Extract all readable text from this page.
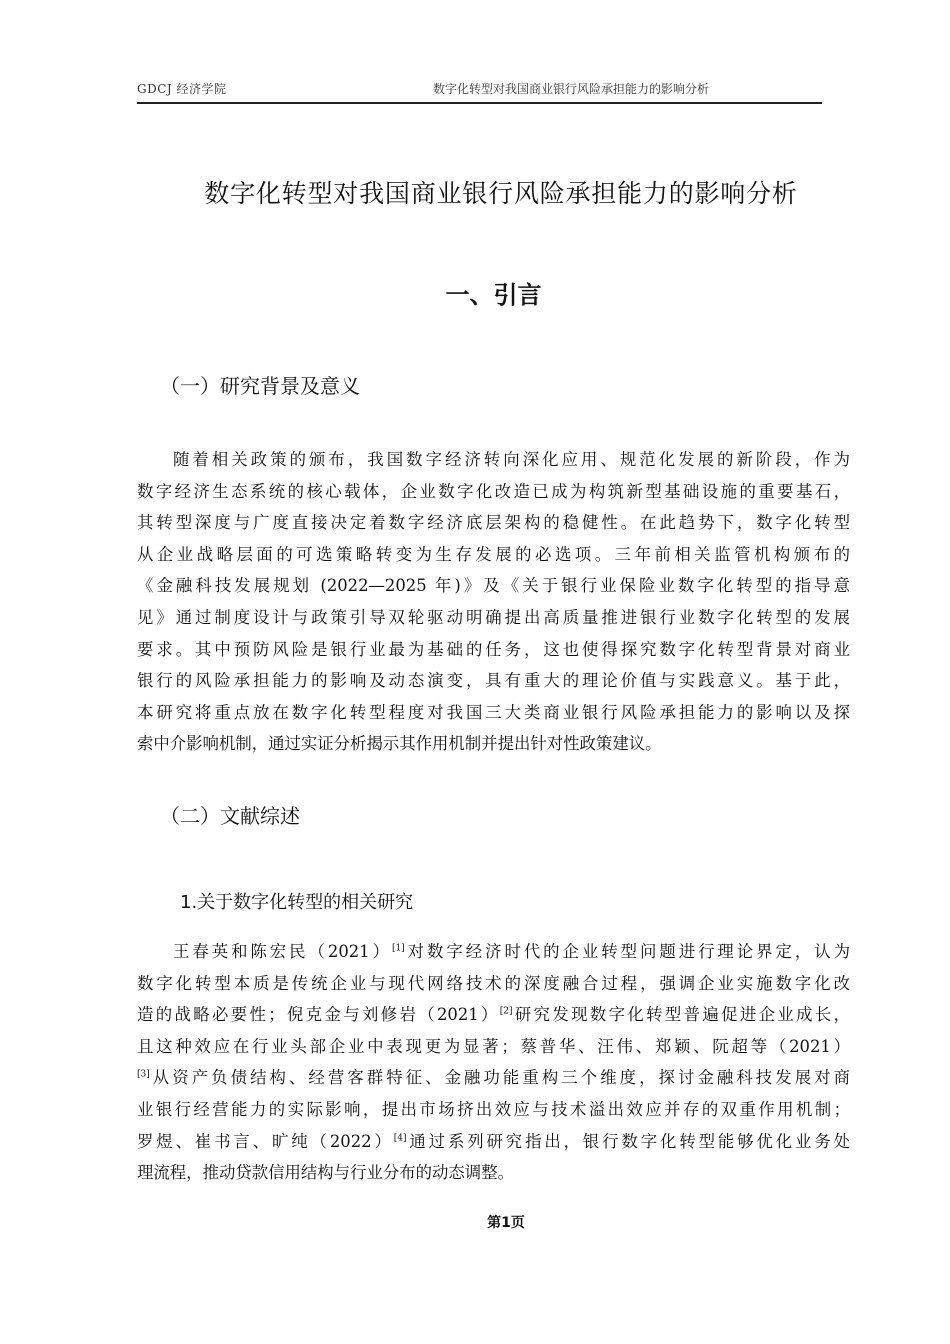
GDCJ 经济学院	数字化转型对我国商业银行风险承担能力的影响分析
数字化转型对我国商业银行风险承担能力的影响分析
一、引言
（一）研究背景及意义
随着相关政策的颁布，我国数字经济转向深化应用、规范化发展的新阶段，作为
数字经济生态系统的核心载体，企业数字化改造已成为构筑新型基础设施的重要基石，
其转型深度与广度直接决定着数字经济底层架构的稳健性。在此趋势下，数字化转型
从企业战略层面的可选策略转变为生存发展的必选项。三年前相关监管机构颁布的
《金融科技发展规划 (2022—2025 年)》及《关于银行业保险业数字化转型的指导意
见》通过制度设计与政策引导双轮驱动明确提出高质量推进银行业数字化转型的发展
要求。其中预防风险是银行业最为基础的任务，这也使得探究数字化转型背景对商业
银行的风险承担能力的影响及动态演变，具有重大的理论价值与实践意义。基于此，
本研究将重点放在数字化转型程度对我国三大类商业银行风险承担能力的影响以及探
索中介影响机制，通过实证分析揭示其作用机制并提出针对性政策建议。
（二）文献综述
1.关于数字化转型的相关研究
王春英和陈宏民（2021）[1]对数字经济时代的企业转型问题进行理论界定，认为
数字化转型本质是传统企业与现代网络技术的深度融合过程，强调企业实施数字化改
造的战略必要性；倪克金与刘修岩（2021）[2]研究发现数字化转型普遍促进企业成长，
且这种效应在行业头部企业中表现更为显著；蔡普华、汪伟、郑颖、阮超等（2021）
[3]从资产负债结构、经营客群特征、金融功能重构三个维度，探讨金融科技发展对商
业银行经营能力的实际影响，提出市场挤出效应与技术溢出效应并存的双重作用机制；
罗煜、崔书言、旷纯（2022）[4]通过系列研究指出，银行数字化转型能够优化业务处
理流程，推动贷款信用结构与行业分布的动态调整。
第1页
